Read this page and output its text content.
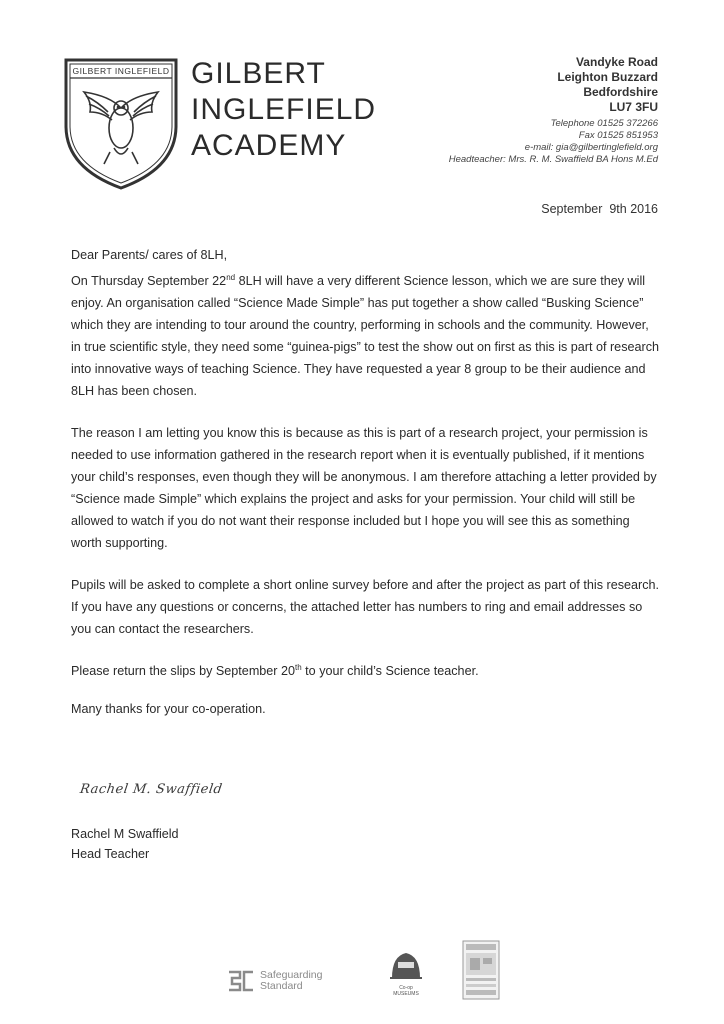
GILBERT INGLEFIELD GILBERT
INGLEFIELD
ACADEMY
Vandyke Road
Leighton Buzzard
Bedfordshire
LU7 3FU
Telephone 01525 372266
Fax 01525 851953
e-mail: gia@gilbertinglefield.org
Headteacher: Mrs. R. M. Swaffield BA Hons M.Ed
September  9th 2016

Dear Parents/ cares of 8LH,

On Thursday September 22nd 8LH will have a very different Science lesson, which we are sure they will enjoy. An organisation called “Science Made Simple” has put together a show called “Busking Science” which they are intending to tour around the country, performing in schools and the community. However, in true scientific style, they need some “guinea-pigs” to test the show out on first as this is part of research into innovative ways of teaching Science. They have requested a year 8 group to be their audience and 8LH has been chosen.

The reason I am letting you know this is because as this is part of a research project, your permission is needed to use information gathered in the research report when it is eventually published, if it mentions your child’s responses, even though they will be anonymous. I am therefore attaching a letter provided by “Science made Simple” which explains the project and asks for your permission. Your child will still be allowed to watch if you do not want their response included but I hope you will see this as something worth supporting.

Pupils will be asked to complete a short online survey before and after the project as part of this research. If you have any questions or concerns, the attached letter has numbers to ring and email addresses so you can contact the researchers.

Please return the slips by September 20th to your child’s Science teacher.

Many thanks for your co-operation.

Rachel M. Swaffield
Rachel M Swaffield
Head Teacher
Safeguarding
Standard	Co-op
MUSEUMS
